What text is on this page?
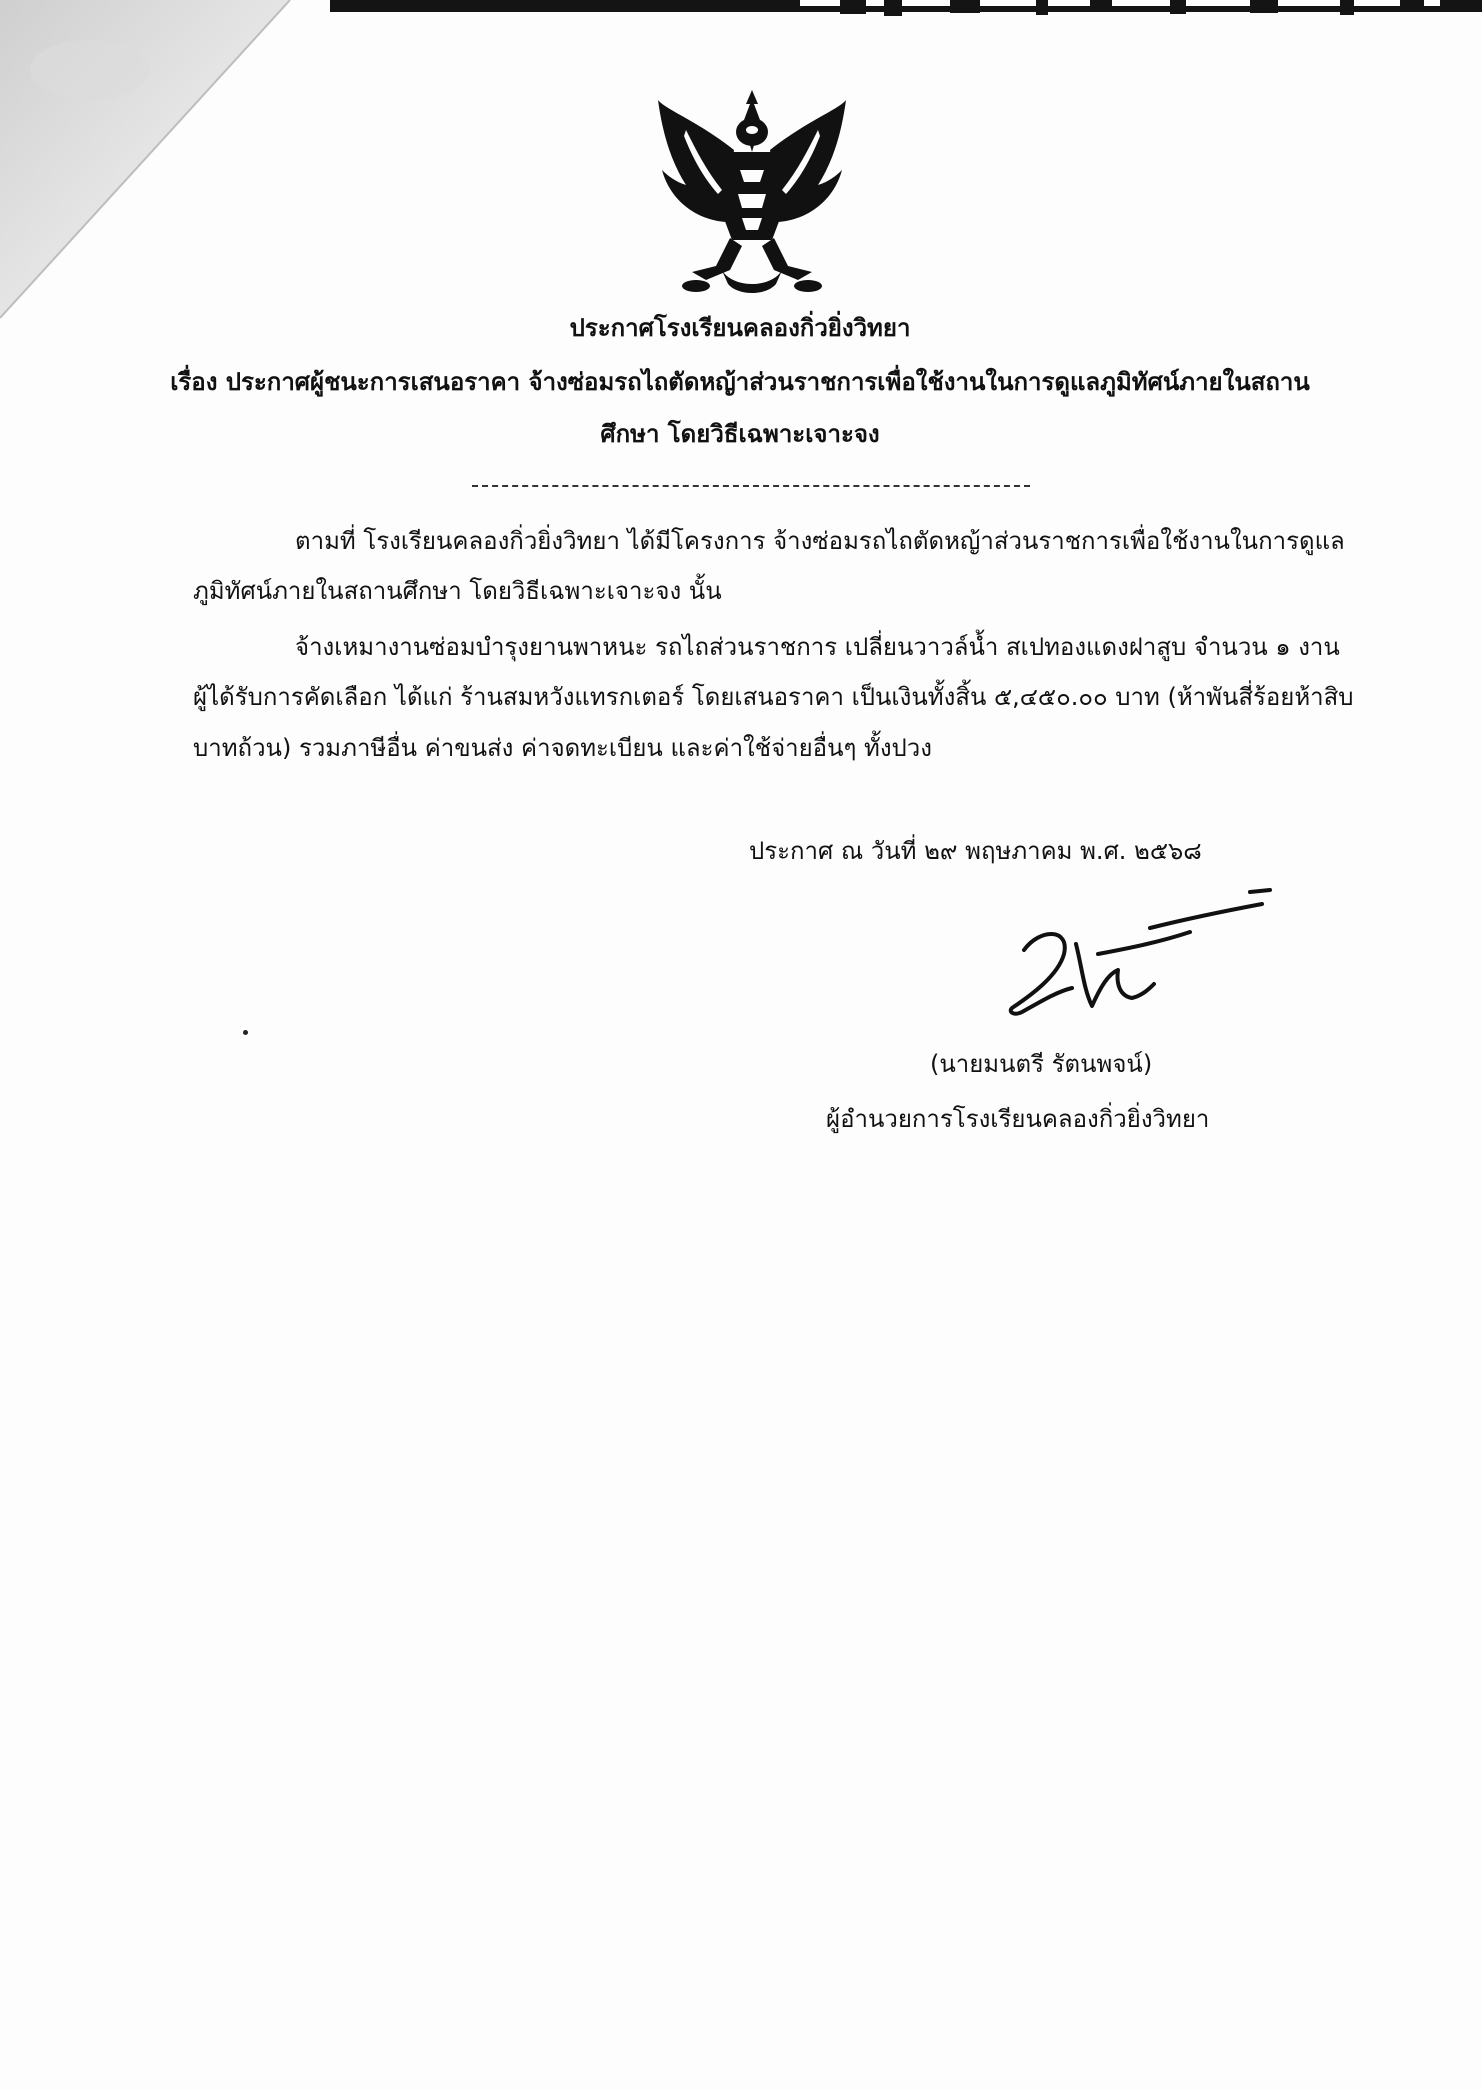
ประกาศโรงเรียนคลองกิ่วยิ่งวิทยา
เรื่อง ประกาศผู้ชนะการเสนอราคา จ้างซ่อมรถไถตัดหญ้าส่วนราชการเพื่อใช้งานในการดูแลภูมิทัศน์ภายในสถาน
ศึกษา โดยวิธีเฉพาะเจาะจง
ตามที่ โรงเรียนคลองกิ่วยิ่งวิทยา ได้มีโครงการ จ้างซ่อมรถไถตัดหญ้าส่วนราชการเพื่อใช้งานในการดูแล
ภูมิทัศน์ภายในสถานศึกษา โดยวิธีเฉพาะเจาะจง นั้น
จ้างเหมางานซ่อมบำรุงยานพาหนะ รถไถส่วนราชการ เปลี่ยนวาวล์น้ำ สเปทองแดงฝาสูบ จำนวน ๑ งาน
ผู้ได้รับการคัดเลือก ได้แก่ ร้านสมหวังแทรกเตอร์ โดยเสนอราคา เป็นเงินทั้งสิ้น ๕,๔๕๐.๐๐ บาท (ห้าพันสี่ร้อยห้าสิบ
บาทถ้วน) รวมภาษีอื่น ค่าขนส่ง ค่าจดทะเบียน และค่าใช้จ่ายอื่นๆ ทั้งปวง
ประกาศ ณ วันที่ ๒๙ พฤษภาคม พ.ศ. ๒๕๖๘
(นายมนตรี รัตนพจน์)
ผู้อำนวยการโรงเรียนคลองกิ่วยิ่งวิทยา
